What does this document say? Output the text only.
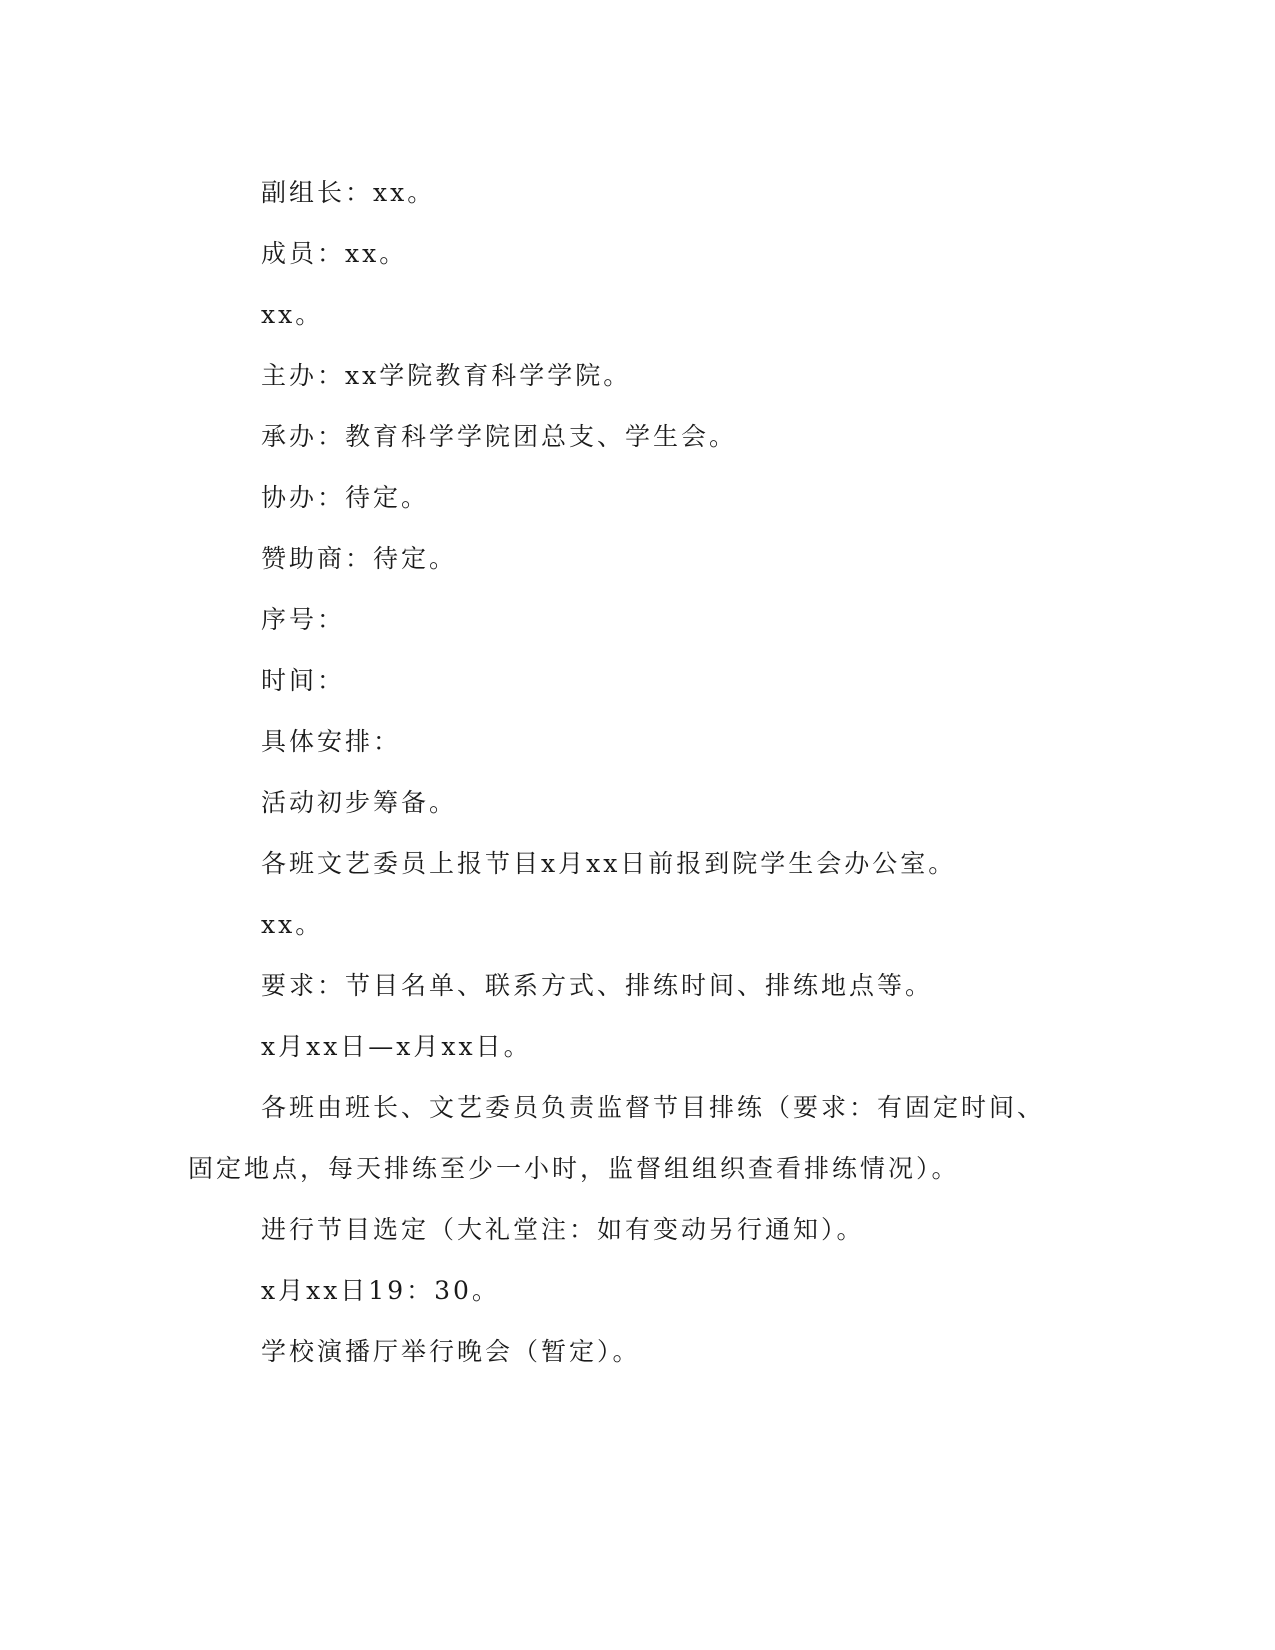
副组长：xx。

成员：xx。

xx。

主办：xx学院教育科学学院。

承办：教育科学学院团总支、学生会。

协办：待定。

赞助商：待定。

序号：

时间：

具体安排：

活动初步筹备。

各班文艺委员上报节目x月xx日前报到院学生会办公室。

xx。

要求：节目名单、联系方式、排练时间、排练地点等。

x月xx日—x月xx日。

各班由班长、文艺委员负责监督节目排练（要求：有固定时间、固定地点，每天排练至少一小时，监督组组织查看排练情况）。

进行节目选定（大礼堂注：如有变动另行通知）。

x月xx日19：30。

学校演播厅举行晚会（暂定）。
